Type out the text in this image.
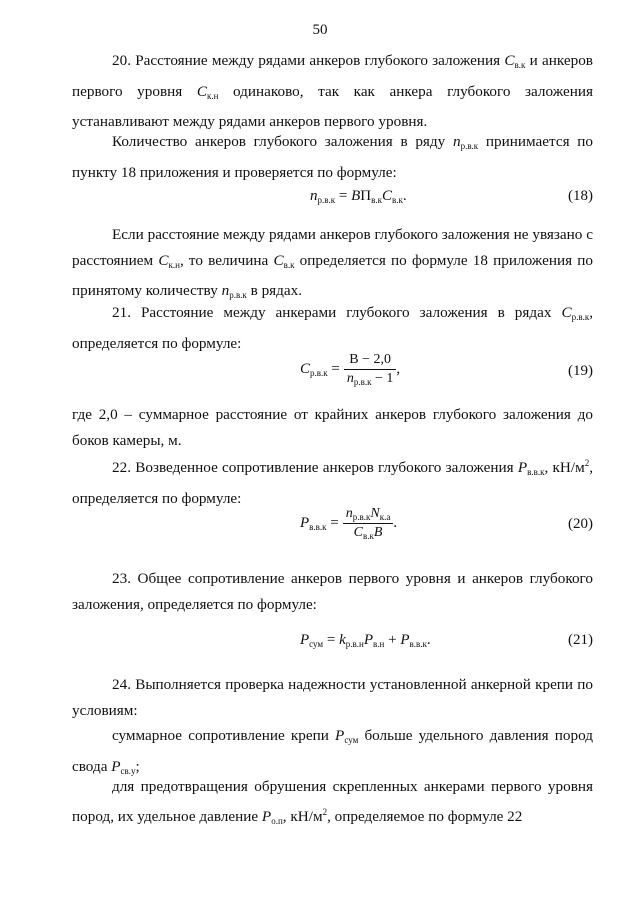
50
20. Расстояние между рядами анкеров глубокого заложения $C_{в.к}$ и анкеров первого уровня $C_{к.н}$ одинаково, так как анкера глубокого заложения устанавливают между рядами анкеров первого уровня.
Количество анкеров глубокого заложения в ряду $n_{р.в.к}$ принимается по пункту 18 приложения и проверяется по формуле:
$n_{р.в.к} = BП_{в.к}C_{в.к}$.	(18)
Если расстояние между рядами анкеров глубокого заложения не увязано с расстоянием $C_{к.н}$, то величина $C_{в.к}$ определяется по формуле 18 приложения по принятому количеству $n_{р.в.к}$ в рядах.
21. Расстояние между анкерами глубокого заложения в рядах $C_{р.в.к}$, определяется по формуле:
$C_{р.в.к} = \frac{B - 2,0}{n_{р.в.к} - 1}$ ,	(19)
где 2,0 – суммарное расстояние от крайних анкеров глубокого заложения до боков камеры, м.
22. Возведенное сопротивление анкеров глубокого заложения $P_{в.в.к}$, $кН/м^2$, определяется по формуле:
$P_{в.в.к} = \frac{n_{р.в.к}N_{к.а}}{C_{в.к}B}$ .	(20)
23. Общее сопротивление анкеров первого уровня и анкеров глубокого заложения, определяется по формуле:
$P_{сум} = k_{р.в.н}P_{в.н} + P_{в.в.к}$.	(21)
24. Выполняется проверка надежности установленной анкерной крепи по условиям:
суммарное сопротивление крепи $P_{сум}$ больше удельного давления пород свода $P_{св.у}$;
для предотвращения обрушения скрепленных анкерами первого уровня пород, их удельное давление $P_{о.п}$, $кН/м^2$, определяемое по формуле 22
